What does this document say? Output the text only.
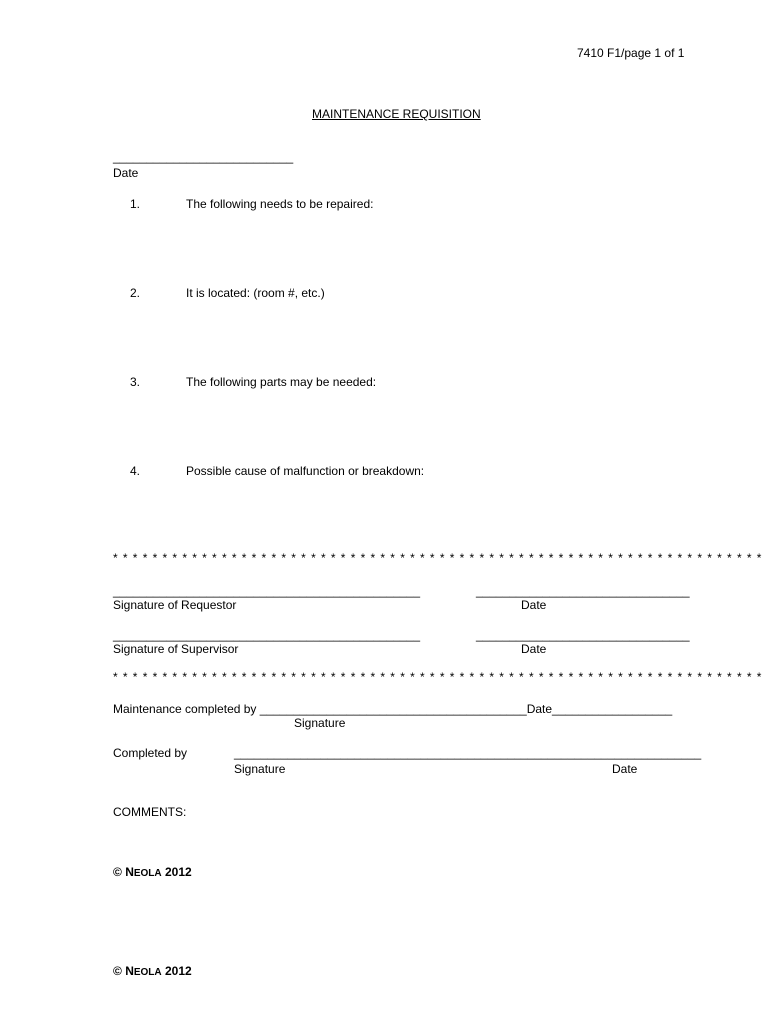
7410 F1/page 1 of 1
MAINTENANCE REQUISITION
___________________________
Date
1.	The following needs to be repaired:
2.	It is located: (room #, etc.)
3.	The following parts may be needed:
4.	Possible cause of malfunction or breakdown:
* * * * * * * * * * * * * * * * * * * * * * * * * * * * * * * * * * * * * * * * * * * * * * * * * * * * * * * * * * * * * * * * * *
______________________________________________	________________________________
Signature of Requestor	Date
______________________________________________	________________________________
Signature of Supervisor	Date
* * * * * * * * * * * * * * * * * * * * * * * * * * * * * * * * * * * * * * * * * * * * * * * * * * * * * * * * * * * * * * * * * *
Maintenance completed by ________________________________________Date__________________
Signature
Completed by	______________________________________________________________________
Signature	Date
COMMENTS:
© NEOLA 2012
© NEOLA 2012
